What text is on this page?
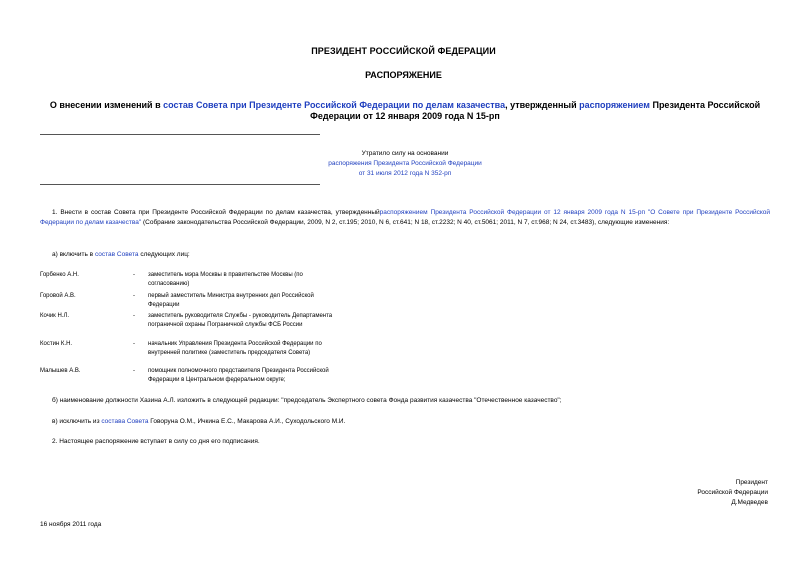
ПРЕЗИДЕНТ РОССИЙСКОЙ ФЕДЕРАЦИИ
РАСПОРЯЖЕНИЕ
О внесении изменений в состав Совета при Президенте Российской Федерации по делам казачества, утвержденный распоряжением Президента Российской Федерации от 12 января 2009 года N 15-рп
Утратило силу на основании
распоряжения Президента Российской Федерации
от 31 июля 2012 года N 352-рп
1. Внести в состав Совета при Президенте Российской Федерации по делам казачества, утвержденныйраспоряжением Президента Российской Федерации от 12 января 2009 года N 15-рп "О Совете при Президенте Российской Федерации по делам казачества" (Собрание законодательства Российской Федерации, 2009, N 2, ст.195; 2010, N 6, ст.641; N 18, ст.2232; N 40, ст.5061; 2011, N 7, ст.968; N 24, ст.3483), следующие изменения:
а) включить в состав Совета следующих лиц:
Горбенко А.Н.	-	заместитель мэра Москвы в правительстве Москвы (по согласованию)
Горовой А.В.	-	первый заместитель Министра внутренних дел Российской Федерации
Кочик Н.Л.	-	заместитель руководителя Службы - руководитель Департамента пограничной охраны Пограничной службы ФСБ России
Костин К.Н.	-	начальник Управления Президента Российской Федерации по внутренней политике (заместитель председателя Совета)
Малышев А.В.	-	помощник полномочного представителя Президента Российской Федерации в Центральном федеральном округе;
б) наименование должности Хазина А.Л. изложить в следующей редакции: "председатель Экспертного совета Фонда развития казачества "Отечественное казачество";
в) исключить из состава Совета Говоруна О.М., Ичкина Е.С., Макарова А.И., Суходольского М.И.
2. Настоящее распоряжение вступает в силу со дня его подписания.
Президент
Российской Федерации
Д.Медведев
16 ноября 2011 года
